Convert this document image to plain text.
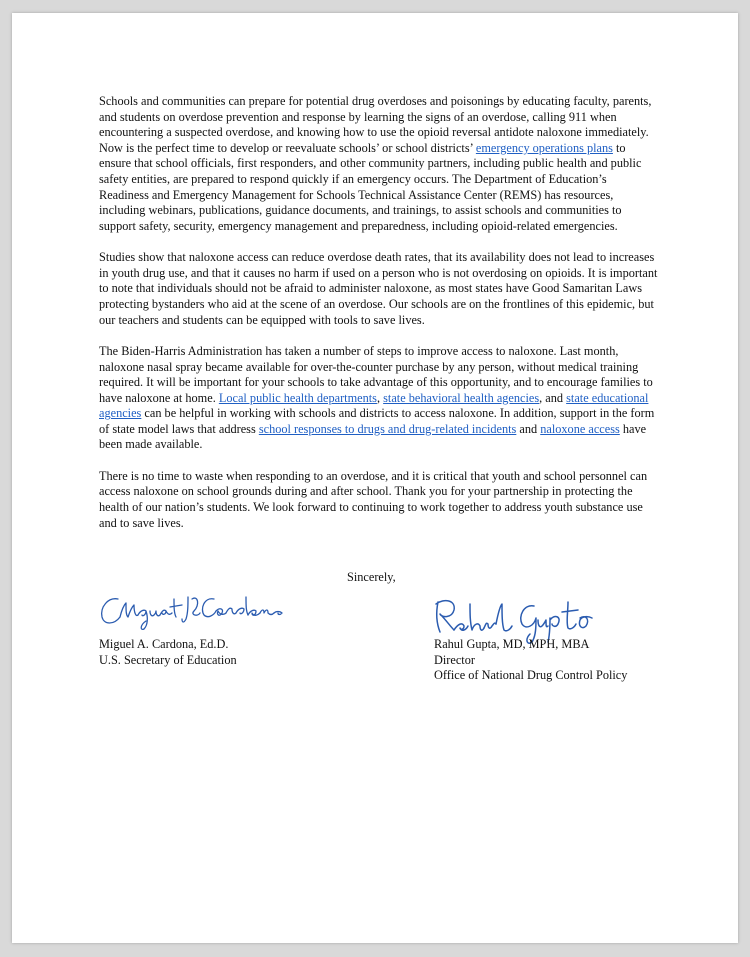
Schools and communities can prepare for potential drug overdoses and poisonings by educating faculty, parents, and students on overdose prevention and response by learning the signs of an overdose, calling 911 when encountering a suspected overdose, and knowing how to use the opioid reversal antidote naloxone immediately. Now is the perfect time to develop or reevaluate schools’ or school districts’ emergency operations plans to ensure that school officials, first responders, and other community partners, including public health and public safety entities, are prepared to respond quickly if an emergency occurs. The Department of Education’s Readiness and Emergency Management for Schools Technical Assistance Center (REMS) has resources, including webinars, publications, guidance documents, and trainings, to assist schools and communities to support safety, security, emergency management and preparedness, including opioid-related emergencies.

Studies show that naloxone access can reduce overdose death rates, that its availability does not lead to increases in youth drug use, and that it causes no harm if used on a person who is not overdosing on opioids. It is important to note that individuals should not be afraid to administer naloxone, as most states have Good Samaritan Laws protecting bystanders who aid at the scene of an overdose. Our schools are on the frontlines of this epidemic, but our teachers and students can be equipped with tools to save lives.

The Biden-Harris Administration has taken a number of steps to improve access to naloxone. Last month, naloxone nasal spray became available for over-the-counter purchase by any person, without medical training required. It will be important for your schools to take advantage of this opportunity, and to encourage families to have naloxone at home. Local public health departments, state behavioral health agencies, and state educational agencies can be helpful in working with schools and districts to access naloxone. In addition, support in the form of state model laws that address school responses to drugs and drug-related incidents and naloxone access have been made available.

There is no time to waste when responding to an overdose, and it is critical that youth and school personnel can access naloxone on school grounds during and after school. Thank you for your partnership in protecting the health of our nation’s students. We look forward to continuing to work together to address youth substance use and to save lives.

Sincerely,
Miguel A. Cardona, Ed.D.
U.S. Secretary of Education
Rahul Gupta, MD, MPH, MBA
Director
Office of National Drug Control Policy
